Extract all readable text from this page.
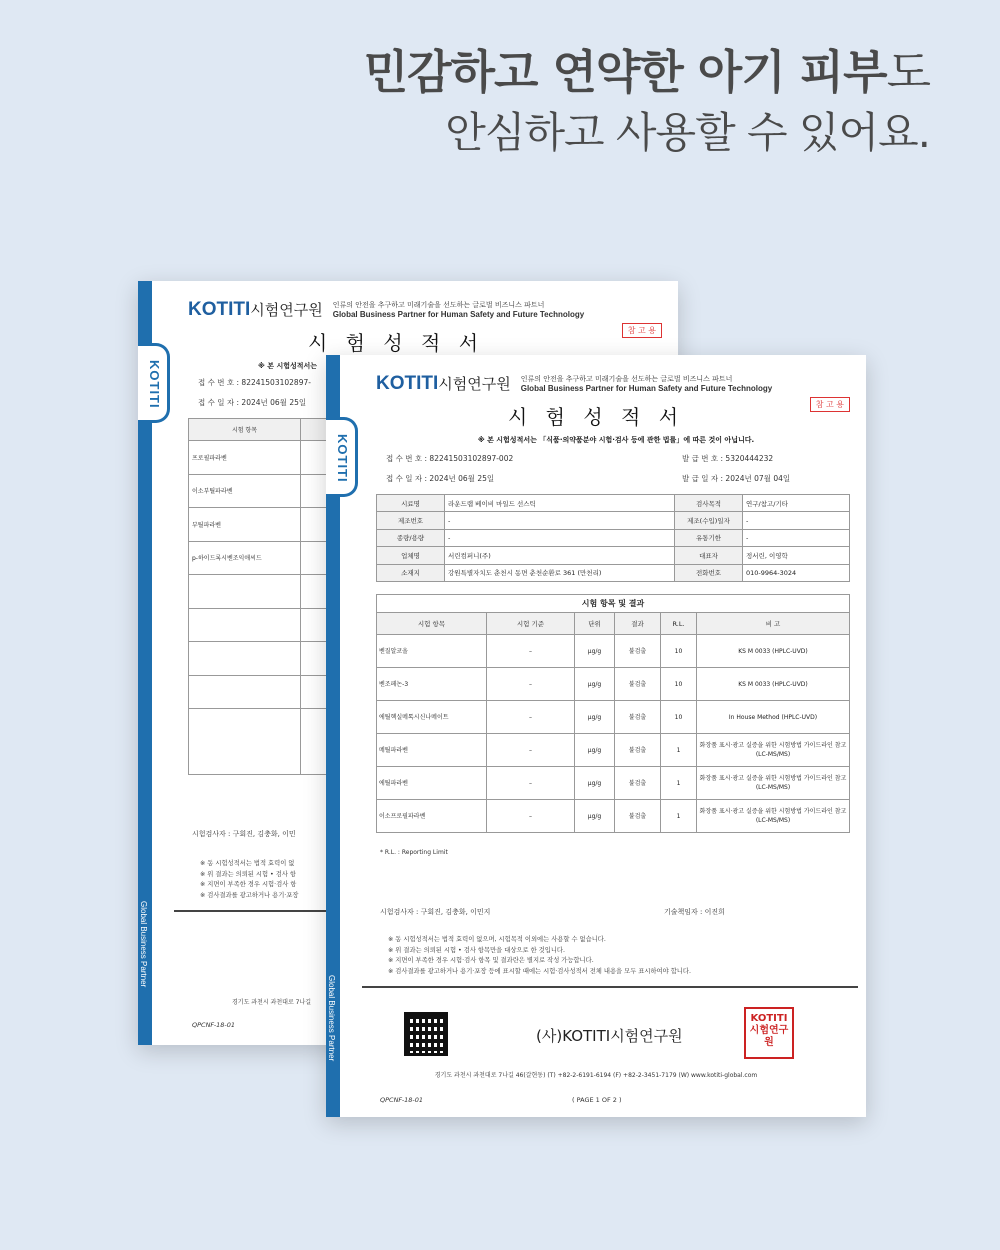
민감하고 연약한 아기 피부도
안심하고 사용할 수 있어요.
Global Business Partner
KOTITI
KOTITI시험연구원 인류의 안전을 추구하고 미래기술을 선도하는 글로벌 비즈니스 파트너
Global Business Partner for Human Safety and Future Technology
참 고 용
시 험 성 적 서
※ 본 시험성적서는
접 수 번 호 : 82241503102897-
접 수 일 자 : 2024년 06월 25일
시험 항목	
프로필파라벤	
이소부틸파라벤	
부틸파라벤	
p-하이드록시벤조익애씨드	

시험검사자 : 구회진, 김충화, 이민
※ 동 시험성적서는 법적 효력이 없
※ 위 결과는 의뢰된 시험 • 검사 항
※ 지면이 부족한 경우 시험·검사 항
※ 검사결과를 광고하거나 용기·포장
경기도 과천시 과천대로 7나길
QPCNF-18-01	Global Business Partner
KOTITI
KOTITI시험연구원 인류의 안전을 추구하고 미래기술을 선도하는 글로벌 비즈니스 파트너
Global Business Partner for Human Safety and Future Technology
참 고 용
시 험 성 적 서
※ 본 시험성적서는 「식품·의약품분야 시험·검사 등에 관한 법률」에 따른 것이 아닙니다.
접 수 번 호 : 82241503102897-002
접 수 일 자 : 2024년 06월 25일
발 급 번 호 : 5320444232
발 급 일 자 : 2024년 07월 04일
시료명	라운드랩 베이비 마일드 선스틱	검사목적	연구/참고/기타
제조번호	-	제조(수입)일자	-
종량/용량	-	유통기한	-
업체명	서린컴퍼니(주)	대표자	정서린, 이영학
소재지	강원특별자치도 춘천시 동면 춘천순환로 361 (만천리)	전화번호	010-9964-3024
시험 항목 및 결과
시험 항목	시험 기준	단위	결과	R.L.	비 고
벤질알코올	–	μg/g	불검출	10	KS M 0033 (HPLC-UVD)
벤조페논-3	–	μg/g	불검출	10	KS M 0033 (HPLC-UVD)
에틸헥실메톡시신나메이트	–	μg/g	불검출	10	In House Method (HPLC-UVD)
메틸파라벤	–	μg/g	불검출	1	화장품 표시·광고 실증을 위한 시험방법 가이드라인 참고 (LC-MS/MS)
에틸파라벤	–	μg/g	불검출	1	화장품 표시·광고 실증을 위한 시험방법 가이드라인 참고 (LC-MS/MS)
이소프로필파라벤	–	μg/g	불검출	1	화장품 표시·광고 실증을 위한 시험방법 가이드라인 참고 (LC-MS/MS)
* R.L. : Reporting Limit
시험검사자 : 구회진, 김충화, 이민지	기술책임자 : 이진희
※ 동 시험성적서는 법적 효력이 없으며, 시험목적 이외에는 사용할 수 없습니다.
※ 위 결과는 의뢰된 시험 • 검사 항목만을 대상으로 한 것입니다.
※ 지면이 부족한 경우 시험·검사 항목 및 결과란은 별지로 작성 가능합니다.
※ 검사결과를 광고하거나 용기·포장 등에 표시할 때에는 시험·검사성적서 전체 내용을 모두 표시하여야 합니다.
(사)KOTITI시험연구원
KOTITI 시험연구원
경기도 과천시 과천대로 7나길 46(갈현동) (T) +82-2-6191-6194 (F) +82-2-3451-7179 (W) www.kotiti-global.com
QPCNF-18-01	( PAGE 1 OF 2 )
